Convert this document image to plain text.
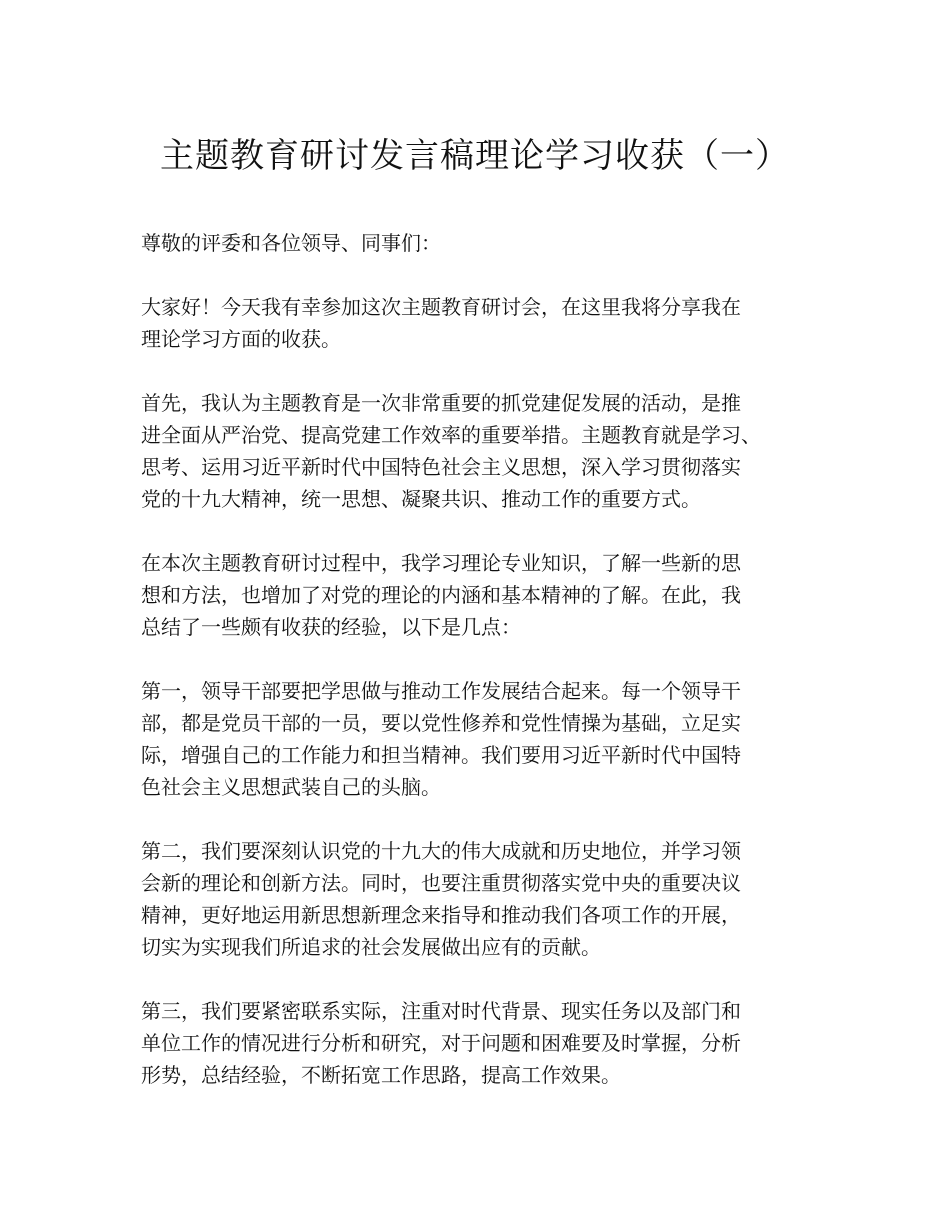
主题教育研讨发言稿理论学习收获（一）

尊敬的评委和各位领导、同事们：

大家好！今天我有幸参加这次主题教育研讨会，在这里我将分享我在
理论学习方面的收获。

首先，我认为主题教育是一次非常重要的抓党建促发展的活动，是推
进全面从严治党、提高党建工作效率的重要举措。主题教育就是学习、
思考、运用习近平新时代中国特色社会主义思想，深入学习贯彻落实
党的十九大精神，统一思想、凝聚共识、推动工作的重要方式。

在本次主题教育研讨过程中，我学习理论专业知识，了解一些新的思
想和方法，也增加了对党的理论的内涵和基本精神的了解。在此，我
总结了一些颇有收获的经验，以下是几点：

第一，领导干部要把学思做与推动工作发展结合起来。每一个领导干
部，都是党员干部的一员，要以党性修养和党性情操为基础，立足实
际，增强自己的工作能力和担当精神。我们要用习近平新时代中国特
色社会主义思想武装自己的头脑。

第二，我们要深刻认识党的十九大的伟大成就和历史地位，并学习领
会新的理论和创新方法。同时，也要注重贯彻落实党中央的重要决议
精神，更好地运用新思想新理念来指导和推动我们各项工作的开展，
切实为实现我们所追求的社会发展做出应有的贡献。

第三，我们要紧密联系实际，注重对时代背景、现实任务以及部门和
单位工作的情况进行分析和研究，对于问题和困难要及时掌握，分析
形势，总结经验，不断拓宽工作思路，提高工作效果。
